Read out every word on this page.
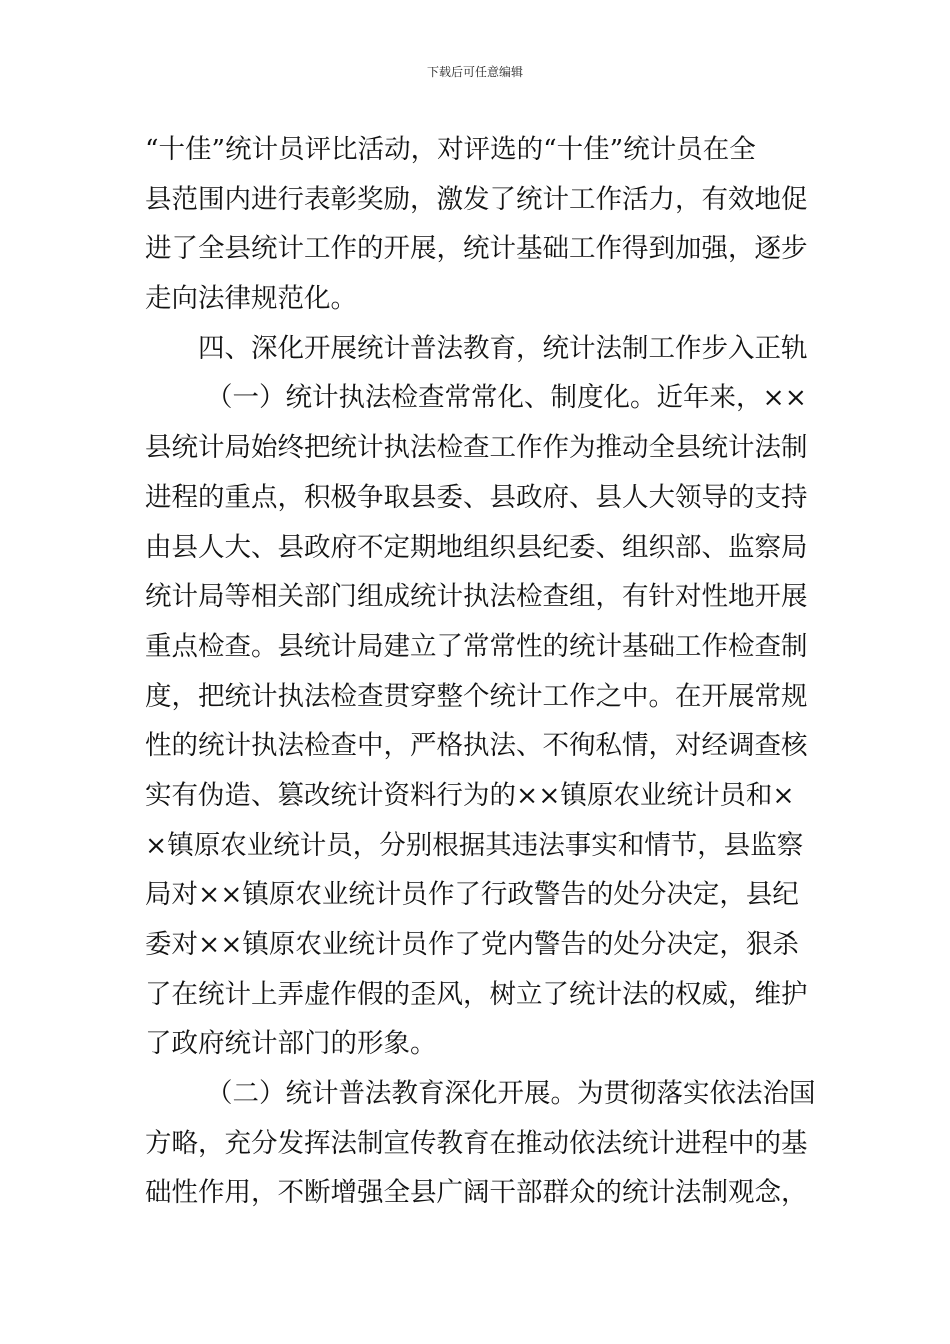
下载后可任意编辑
“十佳”统计员评比活动，对评选的“十佳”统计员在全
县范围内进行表彰奖励，激发了统计工作活力，有效地促
进了全县统计工作的开展，统计基础工作得到加强，逐步
走向法律规范化。
四、深化开展统计普法教育，统计法制工作步入正轨
（一）统计执法检查常常化、制度化。近年来，××
县统计局始终把统计执法检查工作作为推动全县统计法制
进程的重点，积极争取县委、县政府、县人大领导的支持
由县人大、县政府不定期地组织县纪委、组织部、监察局
统计局等相关部门组成统计执法检查组，有针对性地开展
重点检查。县统计局建立了常常性的统计基础工作检查制
度，把统计执法检查贯穿整个统计工作之中。在开展常规
性的统计执法检查中，严格执法、不徇私情，对经调查核
实有伪造、篡改统计资料行为的××镇原农业统计员和×
×镇原农业统计员，分别根据其违法事实和情节，县监察
局对××镇原农业统计员作了行政警告的处分决定，县纪
委对××镇原农业统计员作了党内警告的处分决定，狠杀
了在统计上弄虚作假的歪风，树立了统计法的权威，维护
了政府统计部门的形象。
（二）统计普法教育深化开展。为贯彻落实依法治国
方略，充分发挥法制宣传教育在推动依法统计进程中的基
础性作用，不断增强全县广阔干部群众的统计法制观念，
